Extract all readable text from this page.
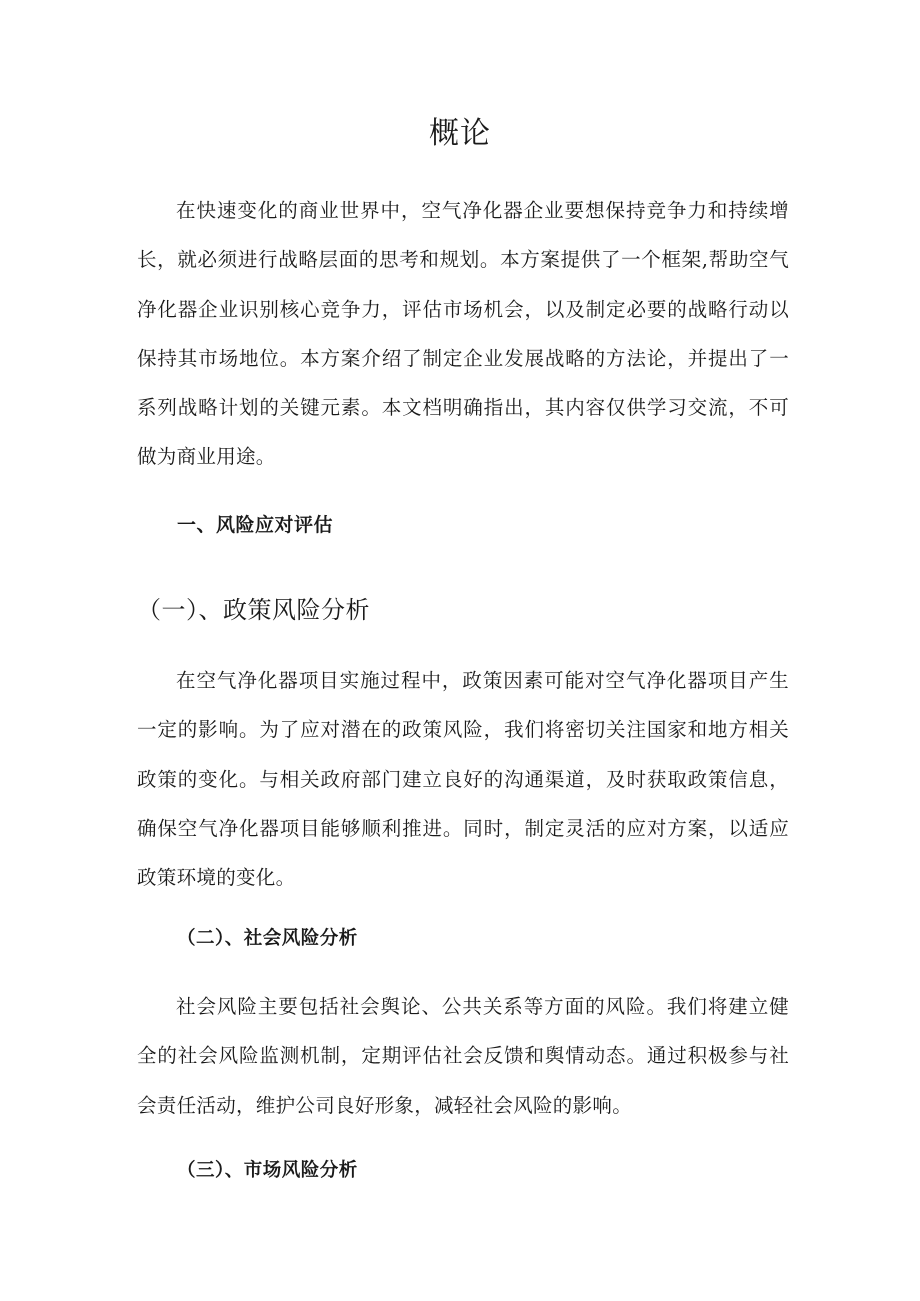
概论

在快速变化的商业世界中，空气净化器企业要想保持竞争力和持续增长，就必须进行战略层面的思考和规划。本方案提供了一个框架,帮助空气净化器企业识别核心竞争力，评估市场机会，以及制定必要的战略行动以保持其市场地位。本方案介绍了制定企业发展战略的方法论，并提出了一系列战略计划的关键元素。本文档明确指出，其内容仅供学习交流，不可做为商业用途。

一、风险应对评估
（一）、政策风险分析

在空气净化器项目实施过程中，政策因素可能对空气净化器项目产生一定的影响。为了应对潜在的政策风险，我们将密切关注国家和地方相关政策的变化。与相关政府部门建立良好的沟通渠道，及时获取政策信息，确保空气净化器项目能够顺利推进。同时，制定灵活的应对方案，以适应政策环境的变化。

（二）、社会风险分析

社会风险主要包括社会舆论、公共关系等方面的风险。我们将建立健全的社会风险监测机制，定期评估社会反馈和舆情动态。通过积极参与社会责任活动，维护公司良好形象，减轻社会风险的影响。

（三）、市场风险分析
